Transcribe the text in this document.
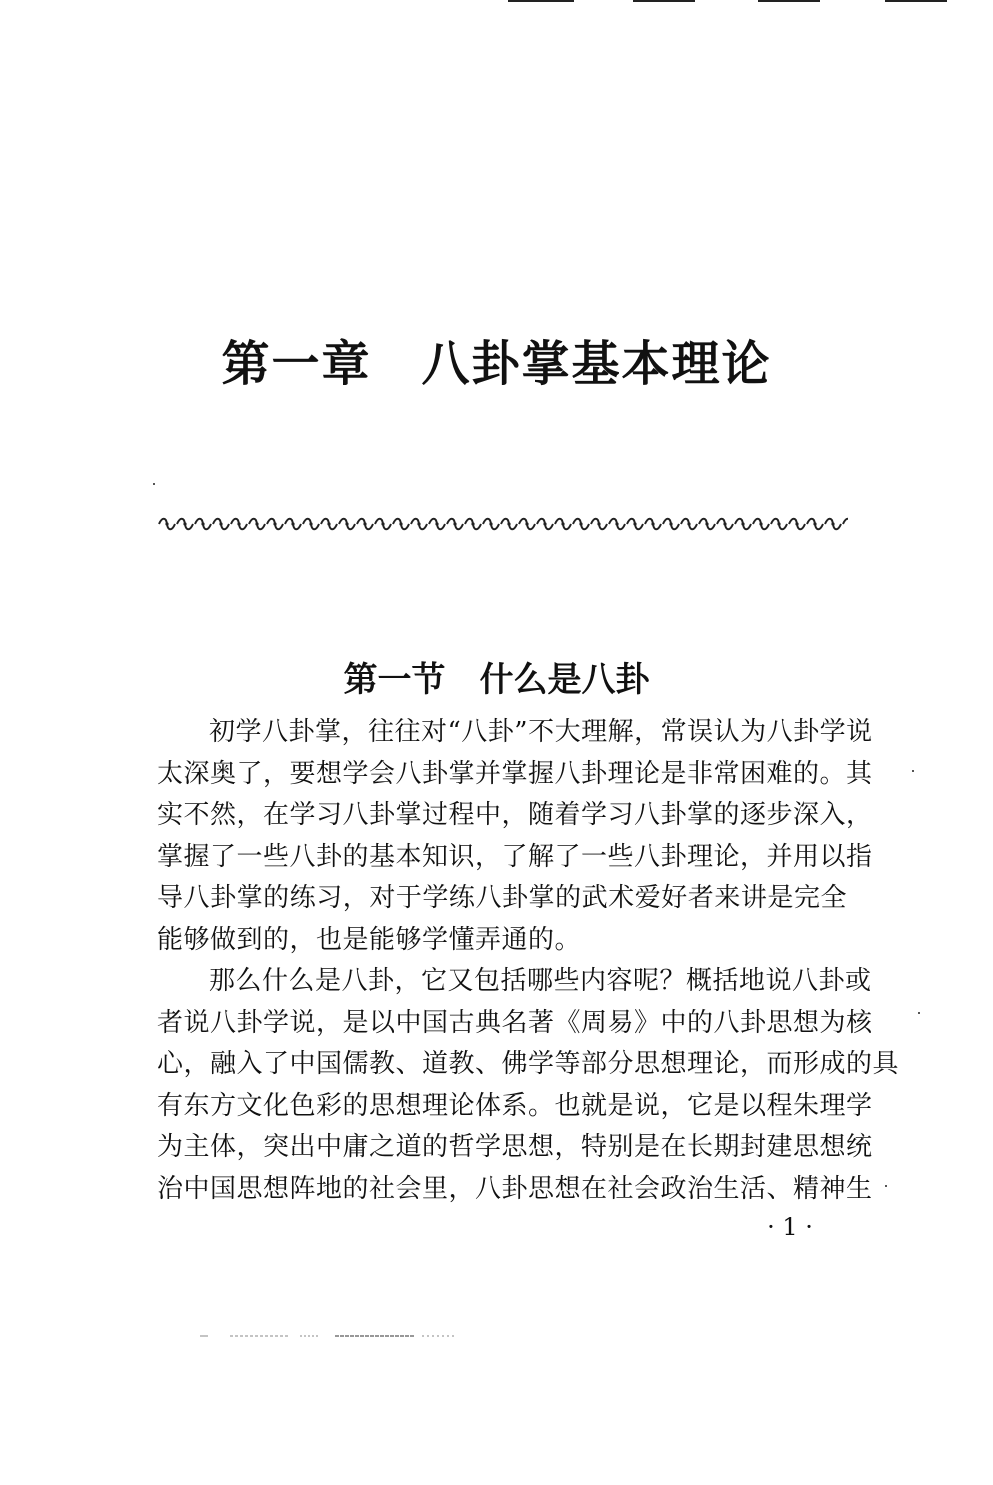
第一章　八卦掌基本理论
第一节　什么是八卦
初学八卦掌，往往对“八卦”不大理解，常误认为八卦学说
太深奥了，要想学会八卦掌并掌握八卦理论是非常困难的。其
实不然，在学习八卦掌过程中，随着学习八卦掌的逐步深入，
掌握了一些八卦的基本知识，了解了一些八卦理论，并用以指
导八卦掌的练习，对于学练八卦掌的武术爱好者来讲是完全
能够做到的，也是能够学懂弄通的。
那么什么是八卦，它又包括哪些内容呢？概括地说八卦或
者说八卦学说，是以中国古典名著《周易》中的八卦思想为核
心，融入了中国儒教、道教、佛学等部分思想理论，而形成的具
有东方文化色彩的思想理论体系。也就是说，它是以程朱理学
为主体，突出中庸之道的哲学思想，特别是在长期封建思想统
治中国思想阵地的社会里，八卦思想在社会政治生活、精神生
· 1 ·
